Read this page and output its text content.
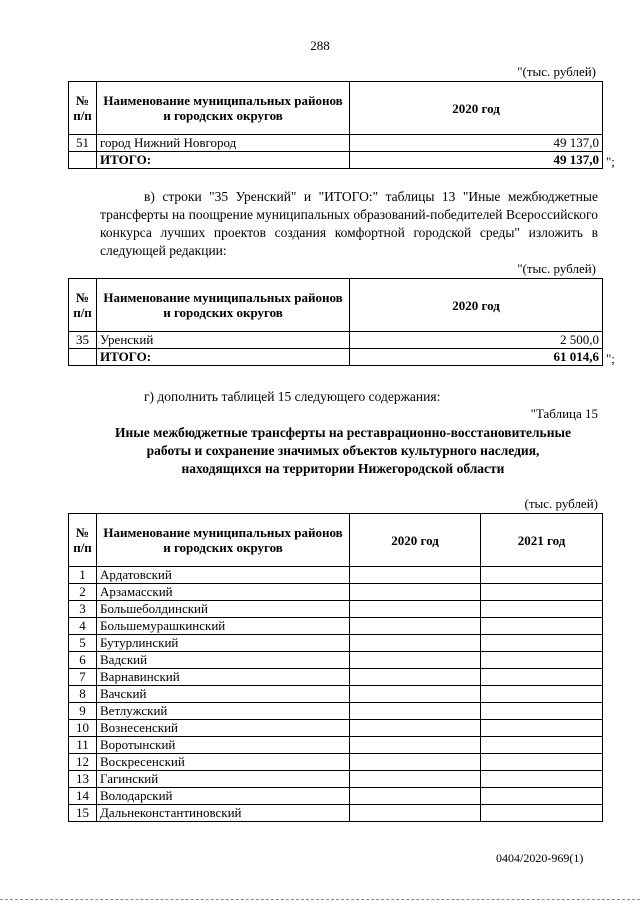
288
"(тыс. рублей)
№ п/п	Наименование муниципальных районов и городских округов	2020 год
51	город Нижний Новгород	49 137,0
	ИТОГО:	49 137,0 ";
в) строки "35 Уренский" и "ИТОГО:" таблицы 13 "Иные межбюджетные трансферты на поощрение муниципальных образований-победителей Всероссийского конкурса лучших проектов создания комфортной городской среды" изложить в следующей редакции:
"(тыс. рублей)
№ п/п	Наименование муниципальных районов и городских округов	2020 год
35	Уренский	2 500,0
	ИТОГО:	61 014,6 ";
г) дополнить таблицей 15 следующего содержания:
"Таблица 15
Иные межбюджетные трансферты на реставрационно-восстановительные работы и сохранение значимых объектов культурного наследия, находящихся на территории Нижегородской области
(тыс. рублей)
№ п/п	Наименование муниципальных районов и городских округов	2020 год	2021 год
1	Ардатовский		
2	Арзамасский		
3	Большеболдинский		
4	Большемурашкинский		
5	Бутурлинский		
6	Вадский		
7	Варнавинский		
8	Вачский		
9	Ветлужский		
10	Вознесенский		
11	Воротынский		
12	Воскресенский		
13	Гагинский		
14	Володарский		
15	Дальнеконстантиновский		
0404/2020-969(1)
